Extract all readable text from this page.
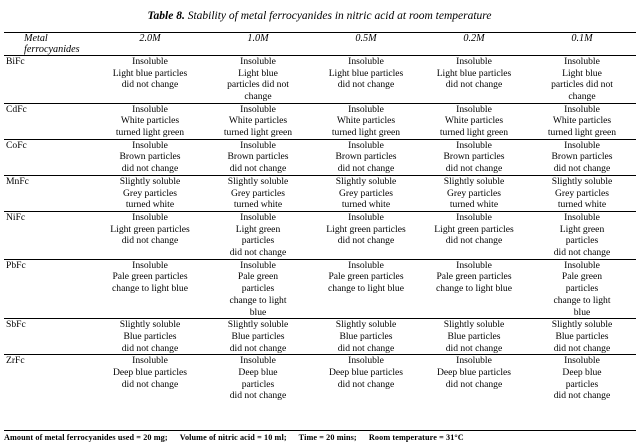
Table 8. Stability of metal ferrocyanides in nitric acid at room temperature
Metal
ferrocyanides	2.0M	1.0M	0.5M	0.2M	0.1M
BiFc	Insoluble
Light blue particles
did not change	Insoluble
Light blue
particles did not
change	Insoluble
Light blue particles
did not change	Insoluble
Light blue particles
did not change	Insoluble
Light blue
particles did not
change

CdFc	Insoluble
White particles
turned light green	Insoluble
White particles
turned light green	Insoluble
White particles
turned light green	Insoluble
White particles
turned light green	Insoluble
White particles
turned light green

CoFc	Insoluble
Brown particles
did not change	Insoluble
Brown particles
did not change	Insoluble
Brown particles
did not change	Insoluble
Brown particles
did not change	Insoluble
Brown particles
did not change

MnFc	Slightly soluble
Grey particles
turned white	Slightly soluble
Grey particles
turned white	Slightly soluble
Grey particles
turned white	Slightly soluble
Grey particles
turned white	Slightly soluble
Grey particles
turned white

NiFc	Insoluble
Light green particles
did not change	Insoluble
Light green
particles
did not change	Insoluble
Light green particles
did not change	Insoluble
Light green particles
did not change	Insoluble
Light green
particles
did not change

PbFc	Insoluble
Pale green particles
change to light blue	Insoluble
Pale green
particles
change to light
blue	Insoluble
Pale green particles
change to light blue	Insoluble
Pale green particles
change to light blue	Insoluble
Pale green
particles
change to light
blue

SbFc	Slightly soluble
Blue particles
did not change	Slightly soluble
Blue particles
did not change	Slightly soluble
Blue particles
did not change	Slightly soluble
Blue particles
did not change	Slightly soluble
Blue particles
did not change

ZrFc	Insoluble
Deep blue particles
did not change	Insoluble
Deep blue
particles
did not change	Insoluble
Deep blue particles
did not change	Insoluble
Deep blue particles
did not change	Insoluble
Deep blue
particles
did not change
Amount of metal ferrocyanides used = 20 mg; Volume of nitric acid = 10 ml; Time = 20 mins; Room temperature = 31°C
